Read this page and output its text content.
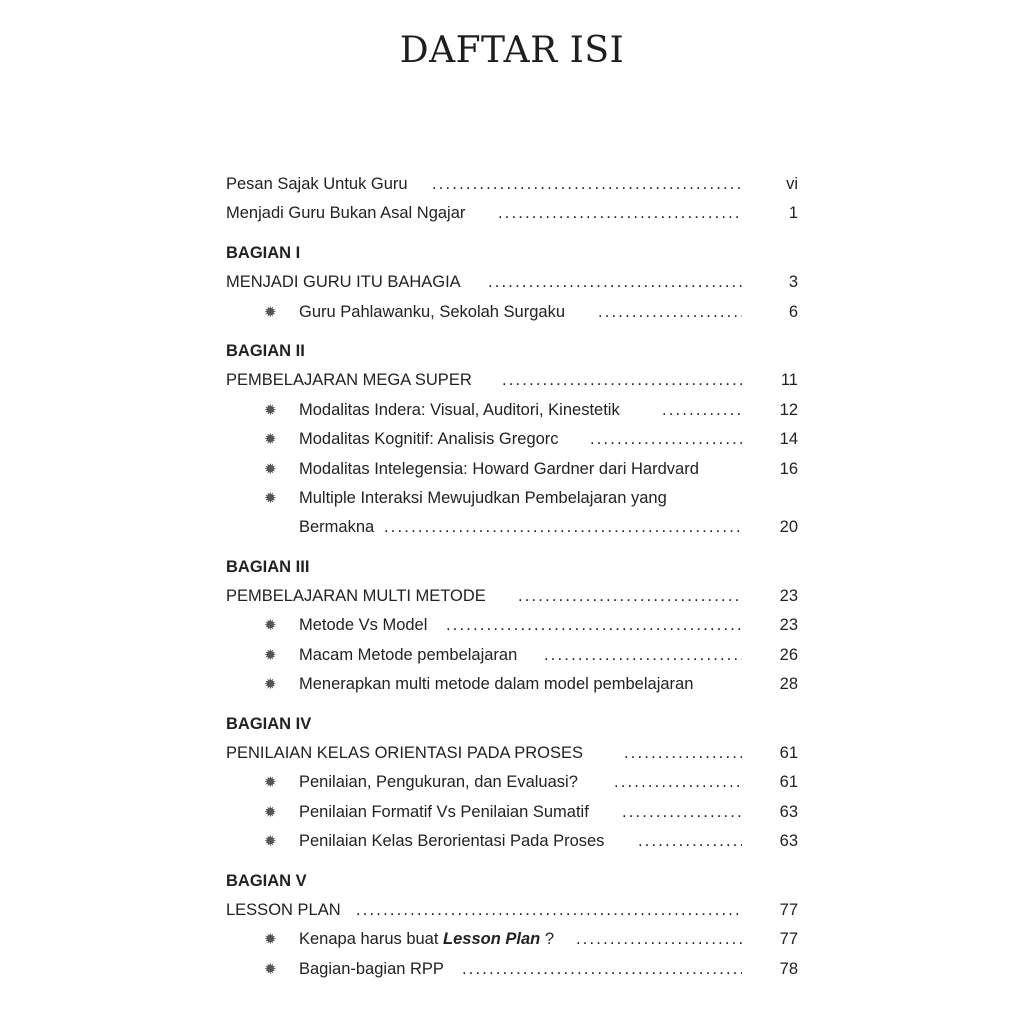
DAFTAR ISI
Pesan Sajak Untuk Guru . . .	vi
Menjadi Guru Bukan Asal Ngajar . . .	1
BAGIAN I
MENJADI GURU ITU BAHAGIA . . .	3
✹ Guru Pahlawanku, Sekolah Surgaku . . .	6
BAGIAN II
PEMBELAJARAN MEGA SUPER . . .	11
✹ Modalitas Indera: Visual, Auditori, Kinestetik . . .	12
✹ Modalitas Kognitif: Analisis Gregorc . . .	14
✹ Modalitas Intelegensia: Howard Gardner dari Hardvard	16
✹ Multiple Interaksi Mewujudkan Pembelajaran yang
Bermakna . . .	20
BAGIAN III
PEMBELAJARAN MULTI METODE . . .	23
✹ Metode Vs Model . . .	23
✹ Macam Metode pembelajaran . . .	26
✹ Menerapkan multi metode dalam model pembelajaran	28
BAGIAN IV
PENILAIAN KELAS ORIENTASI PADA PROSES . . .	61
✹ Penilaian, Pengukuran, dan Evaluasi? . . .	61
✹ Penilaian Formatif Vs Penilaian Sumatif . . .	63
✹ Penilaian Kelas Berorientasi Pada Proses . . .	63
BAGIAN V
LESSON PLAN . . .	77
✹ Kenapa harus buat Lesson Plan ? . . .	77
✹ Bagian-bagian RPP . . .	78
